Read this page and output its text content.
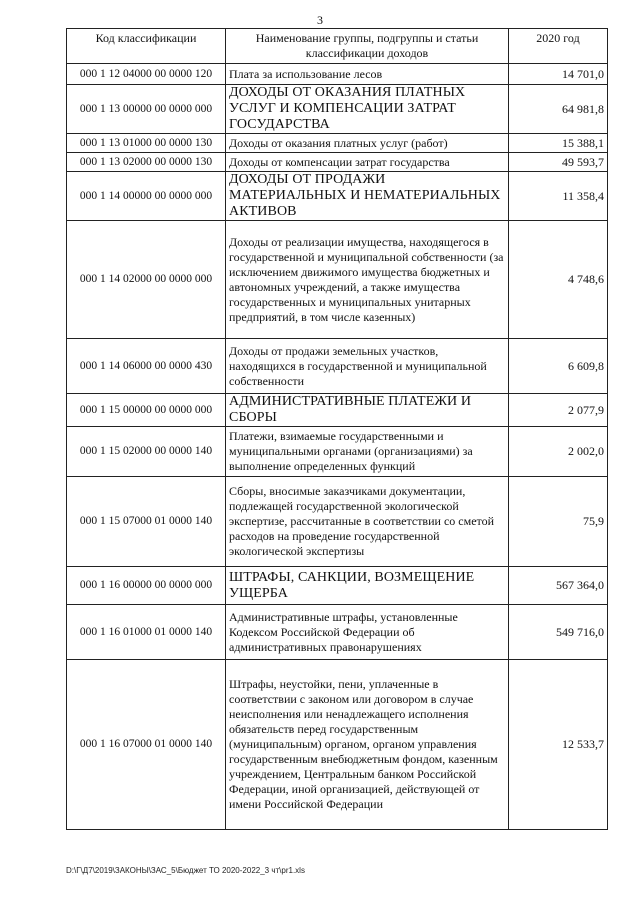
3
Код классификации	Наименование группы, подгруппы и статьи классификации доходов	2020 год
000 1 12 04000 00 0000 120	Плата за использование лесов	14 701,0
000 1 13 00000 00 0000 000	ДОХОДЫ ОТ ОКАЗАНИЯ ПЛАТНЫХ УСЛУГ И КОМПЕНСАЦИИ ЗАТРАТ ГОСУДАРСТВА	64 981,8
000 1 13 01000 00 0000 130	Доходы от оказания платных услуг (работ)	15 388,1
000 1 13 02000 00 0000 130	Доходы от компенсации затрат государства	49 593,7
000 1 14 00000 00 0000 000	ДОХОДЫ ОТ ПРОДАЖИ МАТЕРИАЛЬНЫХ И НЕМАТЕРИАЛЬНЫХ АКТИВОВ	11 358,4
000 1 14 02000 00 0000 000	Доходы от реализации имущества, находящегося в государственной и муниципальной собственности (за исключением движимого имущества бюджетных и автономных учреждений, а также имущества государственных и муниципальных унитарных предприятий, в том числе казенных)	4 748,6
000 1 14 06000 00 0000 430	Доходы от продажи земельных участков, находящихся в государственной и муниципальной собственности	6 609,8
000 1 15 00000 00 0000 000	АДМИНИСТРАТИВНЫЕ ПЛАТЕЖИ И СБОРЫ	2 077,9
000 1 15 02000 00 0000 140	Платежи, взимаемые государственными и муниципальными органами (организациями) за выполнение определенных функций	2 002,0
000 1 15 07000 01 0000 140	Сборы, вносимые заказчиками документации, подлежащей государственной экологической экспертизе, рассчитанные в соответствии со сметой расходов на проведение государственной экологической экспертизы	75,9
000 1 16 00000 00 0000 000	ШТРАФЫ, САНКЦИИ, ВОЗМЕЩЕНИЕ УЩЕРБА	567 364,0
000 1 16 01000 01 0000 140	Административные штрафы, установленные Кодексом Российской Федерации об административных правонарушениях	549 716,0
000 1 16 07000 01 0000 140	Штрафы, неустойки, пени, уплаченные в соответствии с законом или договором в случае неисполнения или ненадлежащего исполнения обязательств перед государственным (муниципальным) органом, органом управления государственным внебюджетным фондом, казенным учреждением, Центральным банком Российской Федерации, иной организацией, действующей от имени Российской Федерации	12 533,7
D:\Г\Д7\2019\ЗАКОНЫ\ЗАС_5\Бюджет ТО 2020-2022_3 чт\pr1.xls
